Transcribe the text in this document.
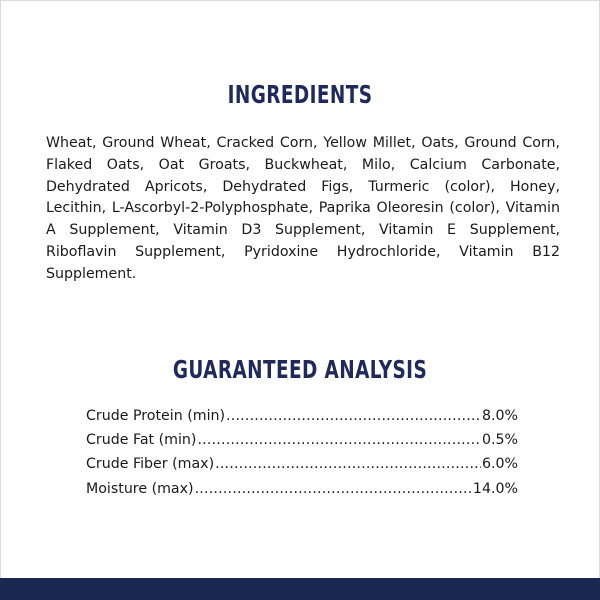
INGREDIENTS
Wheat, Ground Wheat, Cracked Corn, Yellow Millet, Oats, Ground Corn, Flaked Oats, Oat Groats, Buckwheat, Milo, Calcium Carbonate, Dehydrated Apricots, Dehydrated Figs, Turmeric (color), Honey, Lecithin, L-Ascorbyl-2-Polyphosphate, Paprika Oleoresin (color), Vitamin A Supplement, Vitamin D3 Supplement, Vitamin E Supplement, Riboflavin Supplement, Pyridoxine Hydrochloride, Vitamin B12 Supplement.
GUARANTEED ANALYSIS
Crude Protein (min) .....	8.0%
Crude Fat (min) .....	0.5%
Crude Fiber (max) .....	6.0%
Moisture (max) .....	14.0%
